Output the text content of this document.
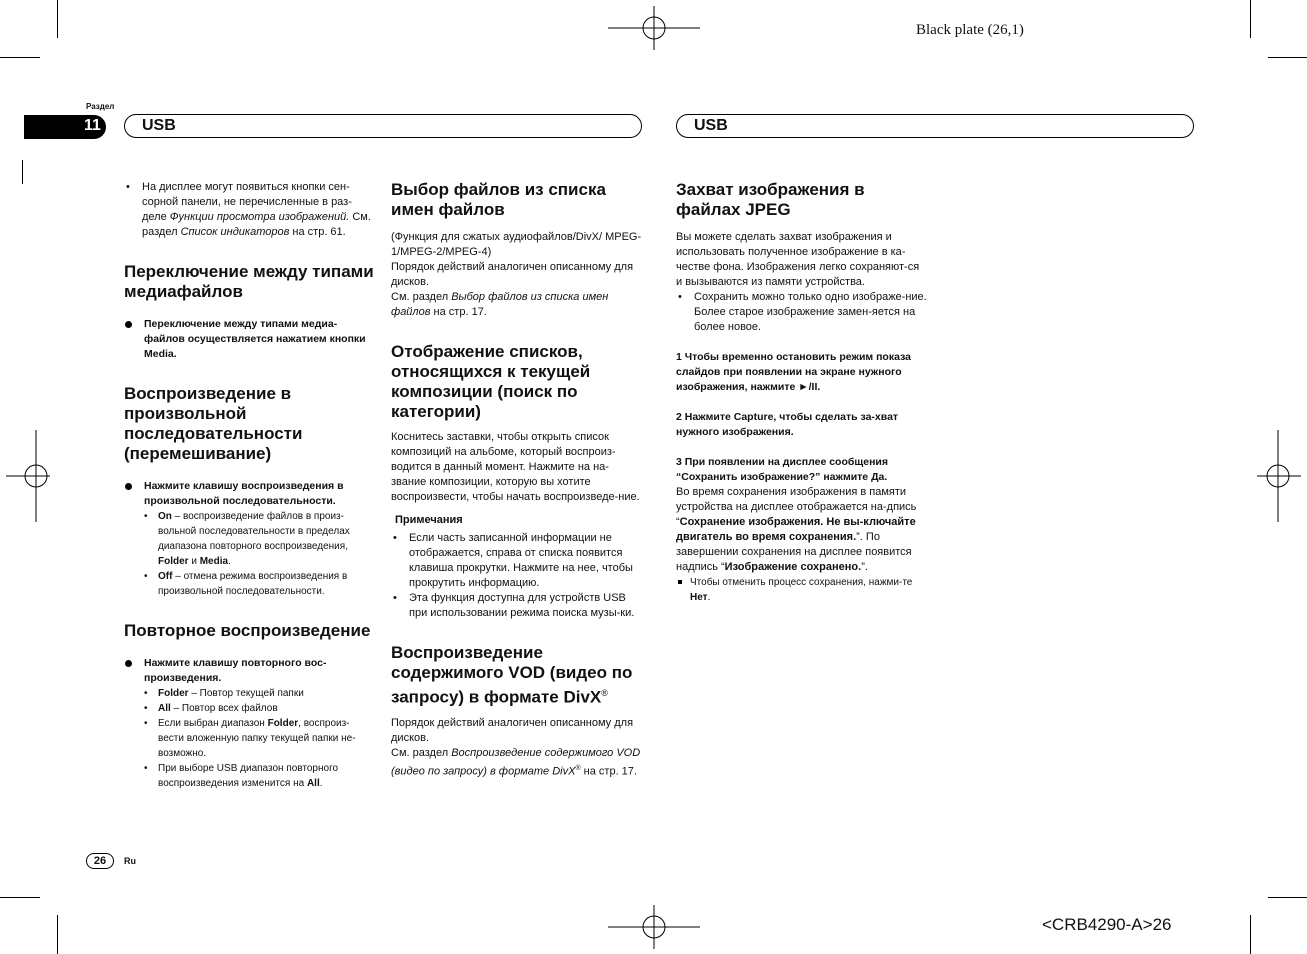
Black plate (26,1)
Раздел
11	USB	USB

• На дисплее могут появиться кнопки сен-сорной панели, не перечисленные в раз-деле Функции просмотра изображений. См. раздел Список индикаторов на стр. 61.

Переключение между типами медиафайлов

Переключение между типами медиа-файлов осуществляется нажатием кнопки Media.

Воспроизведение в произвольной последовательности (перемешивание)

Нажмите клавишу воспроизведения в произвольной последовательности.

• On – воспроизведение файлов в произ-вольной последовательности в пределах диапазона повторного воспроизведения, Folder и Media.

• Off – отмена режима воспроизведения в произвольной последовательности.

Повторное воспроизведение

Нажмите клавишу повторного вос-произведения.

• Folder – Повтор текущей папки

• All – Повтор всех файлов

• Если выбран диапазон Folder, воспроиз-вести вложенную папку текущей папки не-возможно.

• При выборе USB диапазон повторного воспроизведения изменится на All.

Выбор файлов из списка имен файлов

(Функция для сжатых аудиофайлов/DivX/ MPEG-1/MPEG-2/MPEG-4)

Порядок действий аналогичен описанному для дисков.

См. раздел Выбор файлов из списка имен файлов на стр. 17.

Отображение списков, относящихся к текущей композиции (поиск по категории)

Коснитесь заставки, чтобы открыть список композиций на альбоме, который воспроиз-водится в данный момент. Нажмите на на-звание композиции, которую вы хотите воспроизвести, чтобы начать воспроизведе-ние.

Примечания

• Если часть записанной информации не отображается, справа от списка появится клавиша прокрутки. Нажмите на нее, чтобы прокрутить информацию.

• Эта функция доступна для устройств USB при использовании режима поиска музы-ки.

Воспроизведение содержимого VOD (видео по запросу) в формате DivX®

Порядок действий аналогичен описанному для дисков.

См. раздел Воспроизведение содержимого VOD (видео по запросу) в формате DivX® на стр. 17.

Захват изображения в файлах JPEG

Вы можете сделать захват изображения и использовать полученное изображение в ка-честве фона. Изображения легко сохраняют-ся и вызываются из памяти устройства.

• Сохранить можно только одно изображе-ние. Более старое изображение замен-яется на более новое.

1 Чтобы временно остановить режим показа слайдов при появлении на экране нужного изображения, нажмите ►/II.

2 Нажмите Capture, чтобы сделать за-хват нужного изображения.

3 При появлении на дисплее сообщения “Сохранить изображение?” нажмите Да.

Во время сохранения изображения в памяти устройства на дисплее отображается на-дпись “Сохранение изображения. Не вы-ключайте двигатель во время сохранения.”. По завершении сохранения на дисплее появится надпись “Изображение сохранено.”.

Чтобы отменить процесс сохранения, нажми-те Нет.

26	Ru
<CRB4290-A>26
